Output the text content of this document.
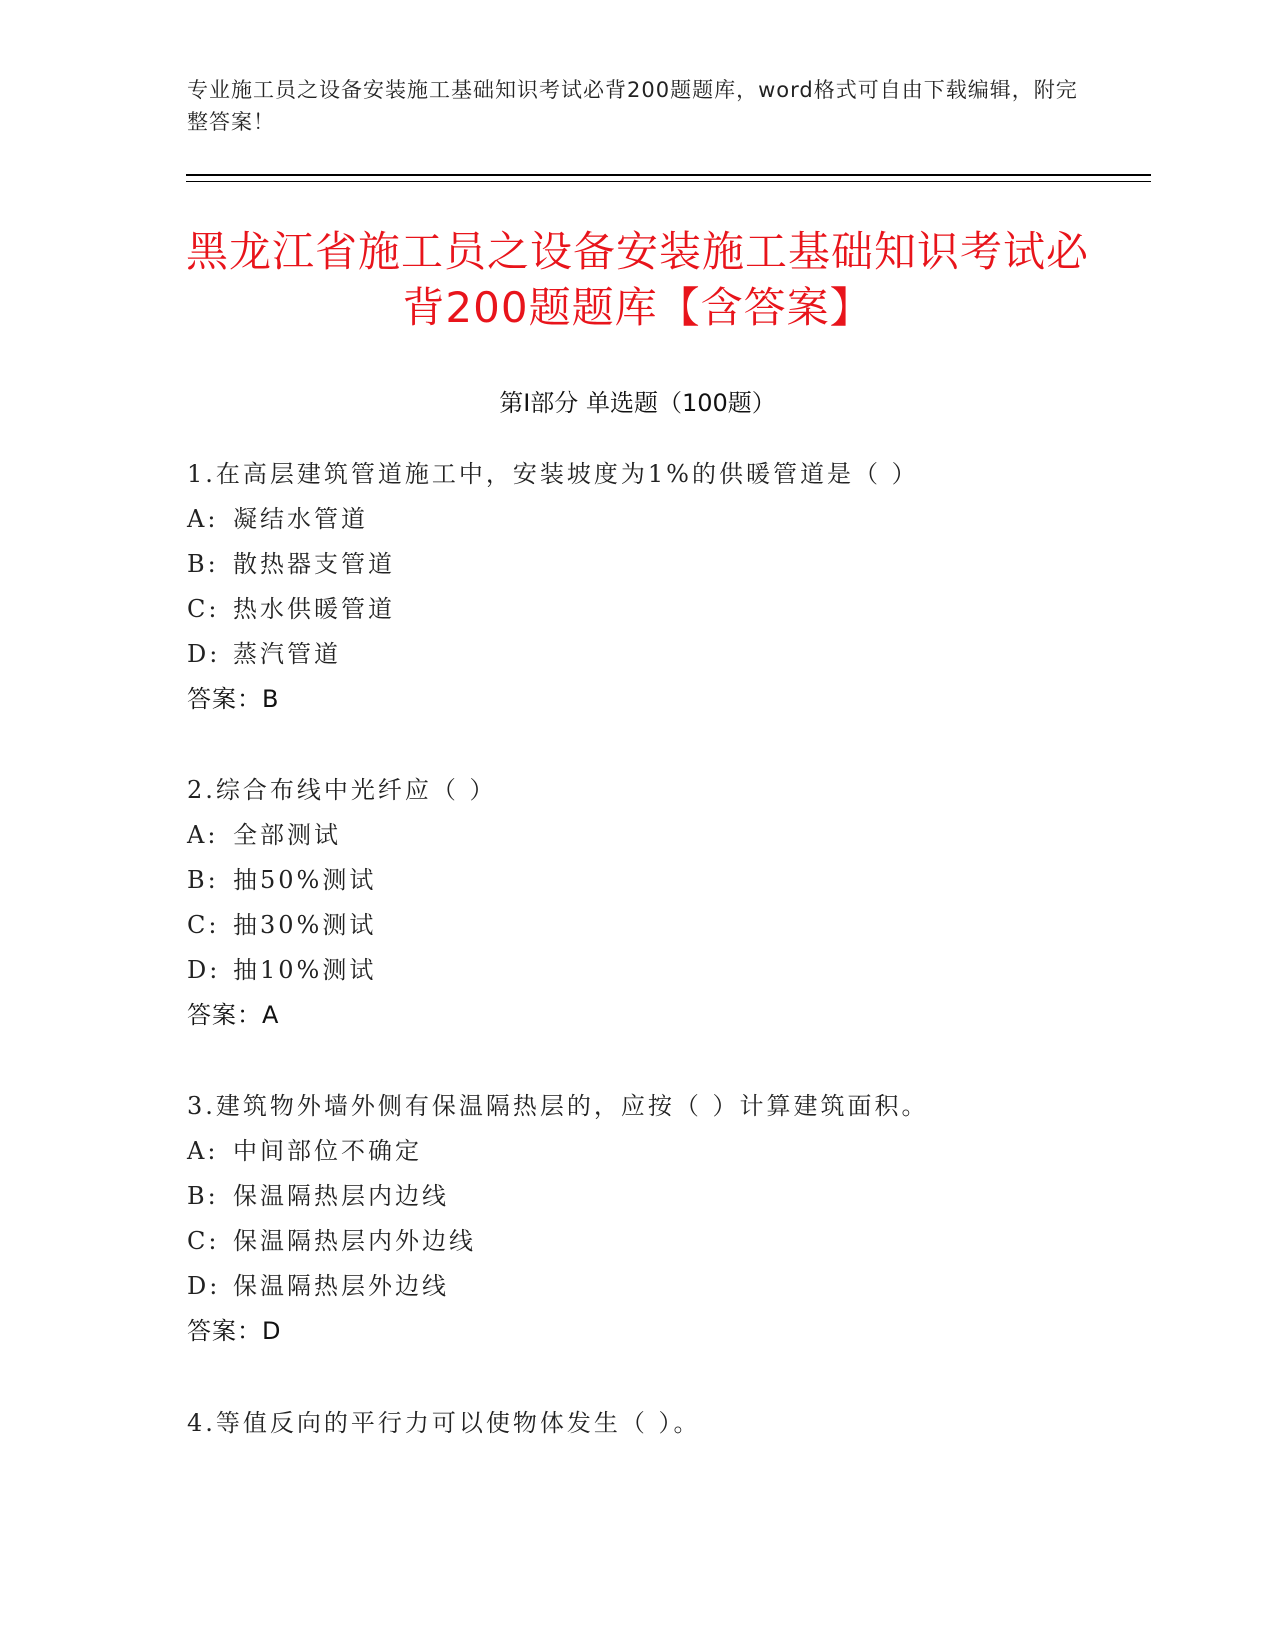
专业施工员之设备安装施工基础知识考试必背200题题库，word格式可自由下载编辑，附完整答案！
黑龙江省施工员之设备安装施工基础知识考试必背200题题库【含答案】
第Ⅰ部分 单选题（100题）
1.在高层建筑管道施工中，安装坡度为1%的供暖管道是（ ）
A: 凝结水管道
B: 散热器支管道
C: 热水供暖管道
D: 蒸汽管道
答案：B
2.综合布线中光纤应（ ）
A: 全部测试
B: 抽50%测试
C: 抽30%测试
D: 抽10%测试
答案：A
3.建筑物外墙外侧有保温隔热层的，应按（ ）计算建筑面积。
A: 中间部位不确定
B: 保温隔热层内边线
C: 保温隔热层内外边线
D: 保温隔热层外边线
答案：D
4.等值反向的平行力可以使物体发生（ ）。
